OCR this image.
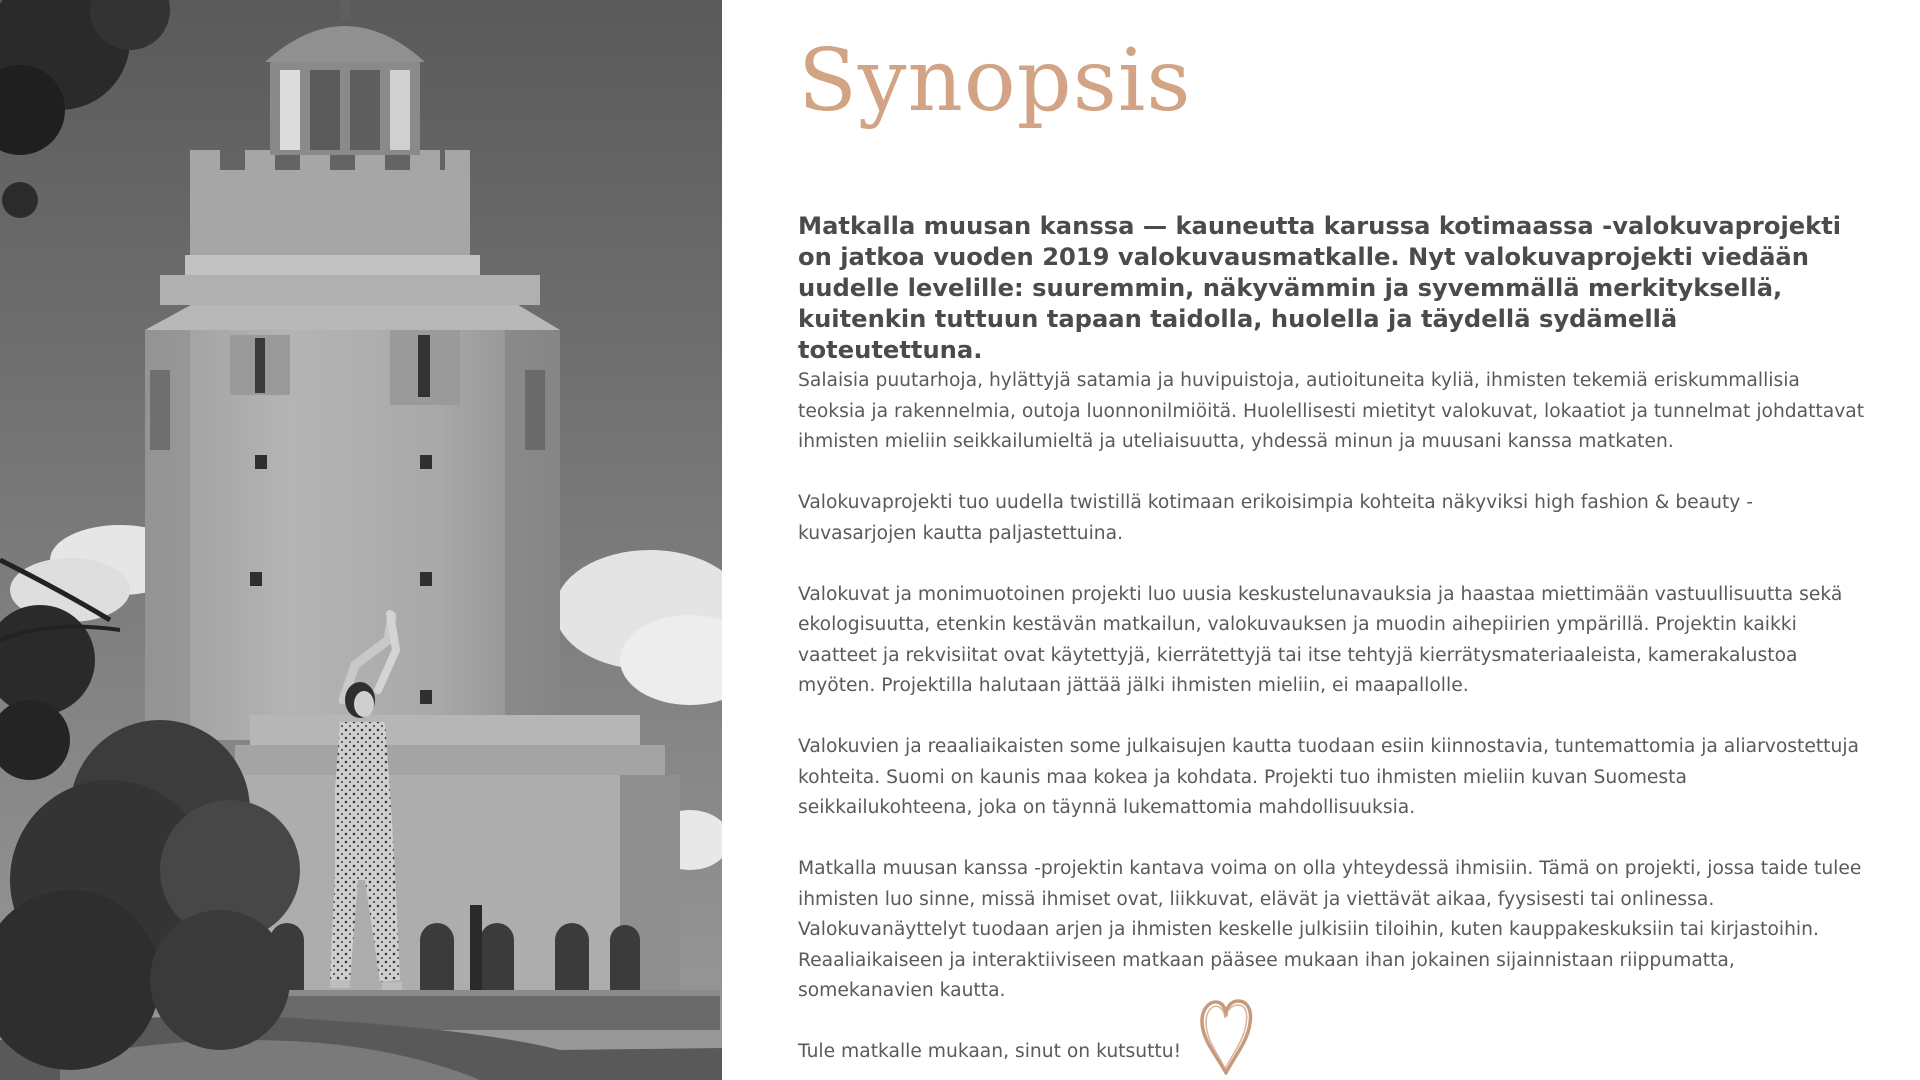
Synopsis

Matkalla muusan kanssa — kauneutta karussa kotimaassa -valokuvaprojekti on jatkoa vuoden 2019 valokuvausmatkalle. Nyt valokuvaprojekti viedään uudelle levelille: suuremmin, näkyvämmin ja syvemmällä merkityksellä, kuitenkin tuttuun tapaan taidolla, huolella ja täydellä sydämellä toteutettuna.

Salaisia puutarhoja, hylättyjä satamia ja huvipuistoja, autioituneita kyliä, ihmisten tekemiä eriskummallisia teoksia ja rakennelmia, outoja luonnonilmiöitä. Huolellisesti mietityt valokuvat, lokaatiot ja tunnelmat johdattavat ihmisten mieliin seikkailumieltä ja uteliaisuutta, yhdessä minun ja muusani kanssa matkaten.

Valokuvaprojekti tuo uudella twistillä kotimaan erikoisimpia kohteita näkyviksi high fashion & beauty -kuvasarjojen kautta paljastettuina.

Valokuvat ja monimuotoinen projekti luo uusia keskustelunavauksia ja haastaa miettimään vastuullisuutta sekä ekologisuutta, etenkin kestävän matkailun, valokuvauksen ja muodin aihepiirien ympärillä. Projektin kaikki vaatteet ja rekvisiitat ovat käytettyjä, kierrätettyjä tai itse tehtyjä kierrätysmateriaaleista, kamerakalustoa myöten. Projektilla halutaan jättää jälki ihmisten mieliin, ei maapallolle.

Valokuvien ja reaaliaikaisten some julkaisujen kautta tuodaan esiin kiinnostavia, tuntemattomia ja aliarvostettuja kohteita. Suomi on kaunis maa kokea ja kohdata. Projekti tuo ihmisten mieliin kuvan Suomesta seikkailukohteena, joka on täynnä lukemattomia mahdollisuuksia.

Matkalla muusan kanssa -projektin kantava voima on olla yhteydessä ihmisiin. Tämä on projekti, jossa taide tulee ihmisten luo sinne, missä ihmiset ovat, liikkuvat, elävät ja viettävät aikaa, fyysisesti tai onlinessa. Valokuvanäyttelyt tuodaan arjen ja ihmisten keskelle julkisiin tiloihin, kuten kauppakeskuksiin tai kirjastoihin. Reaaliaikaiseen ja interaktiiviseen matkaan pääsee mukaan ihan jokainen sijainnistaan riippumatta, somekanavien kautta.

Tule matkalle mukaan, sinut on kutsuttu!
